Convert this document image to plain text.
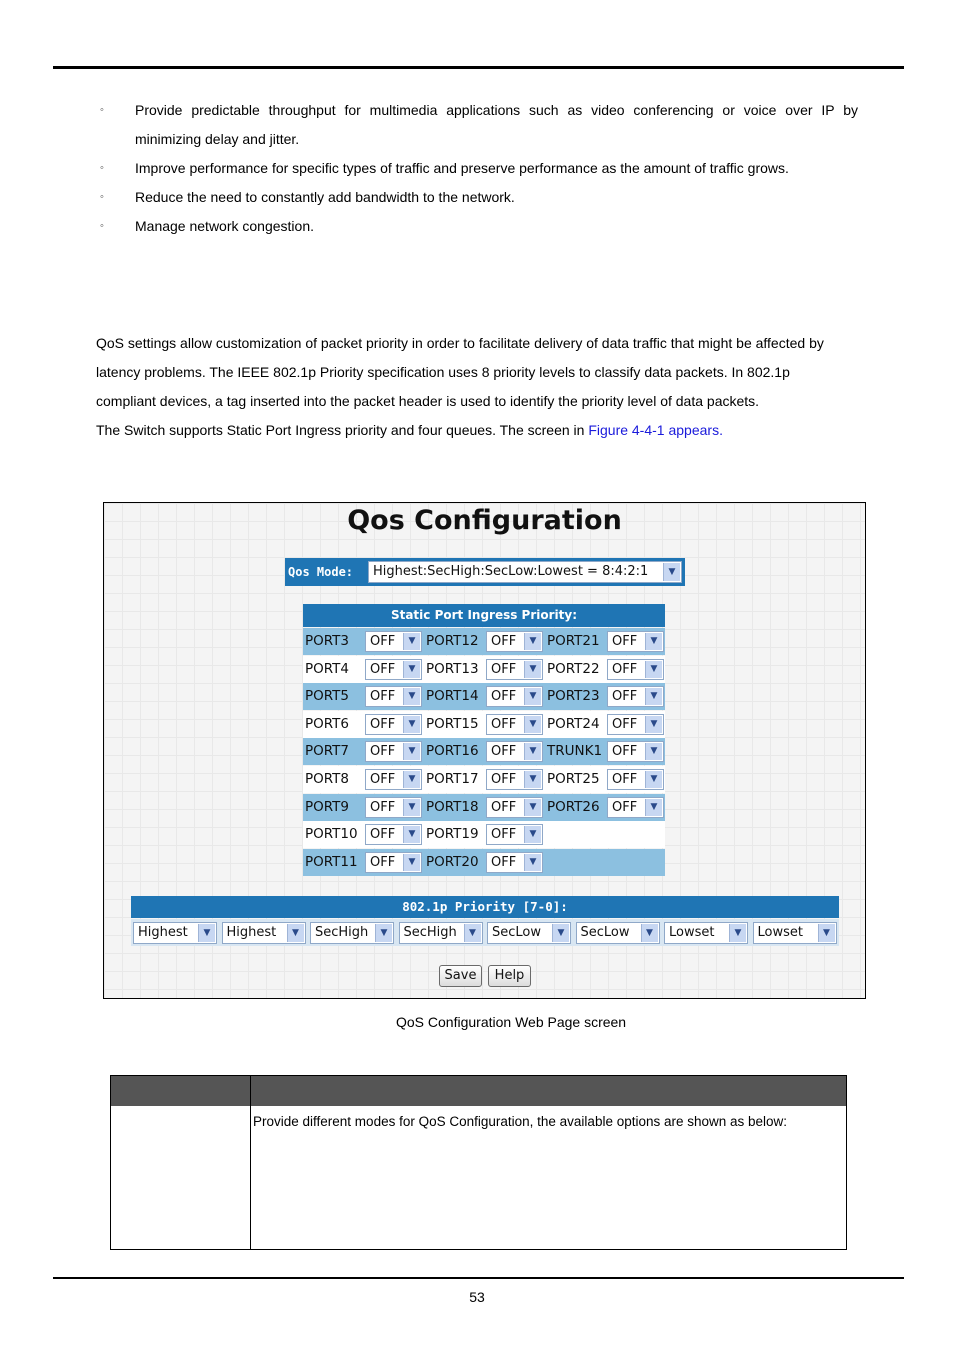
◦ Provide predictable throughput for multimedia applications such as video conferencing or voice over IP by minimizing delay and jitter.
◦ Improve performance for specific types of traffic and preserve performance as the amount of traffic grows.
◦ Reduce the need to constantly add bandwidth to the network.
◦ Manage network congestion.
QoS settings allow customization of packet priority in order to facilitate delivery of data traffic that might be affected by
latency problems. The IEEE 802.1p Priority specification uses 8 priority levels to classify data packets. In 802.1p
compliant devices, a tag inserted into the packet header is used to identify the priority level of data packets.
The Switch supports Static Port Ingress priority and four queues. The screen in Figure 4-4-1 appears.
Qos Configuration
Qos Mode: Highest:SecHigh:SecLow:Lowest = 8:4:2:1	▼
Static Port Ingress Priority:
PORT3 OFF	▼ PORT12 OFF	▼ PORT21 OFF	▼
PORT4 OFF	▼ PORT13 OFF	▼ PORT22 OFF	▼
PORT5 OFF	▼ PORT14 OFF	▼ PORT23 OFF	▼
PORT6 OFF	▼ PORT15 OFF	▼ PORT24 OFF	▼
PORT7 OFF	▼ PORT16 OFF	▼ TRUNK1 OFF	▼
PORT8 OFF	▼ PORT17 OFF	▼ PORT25 OFF	▼
PORT9 OFF	▼ PORT18 OFF	▼ PORT26 OFF	▼
PORT10 OFF	▼ PORT19 OFF	▼
PORT11 OFF	▼ PORT20 OFF	▼
802.1p Priority [7-0]:
Highest	▼	Highest	▼	SecHigh	▼	SecHigh	▼	SecLow	▼	SecLow	▼	Lowset	▼	Lowset	▼
Save	Help
QoS Configuration Web Page screen
Provide different modes for QoS Configuration, the available options are shown as below:
53
